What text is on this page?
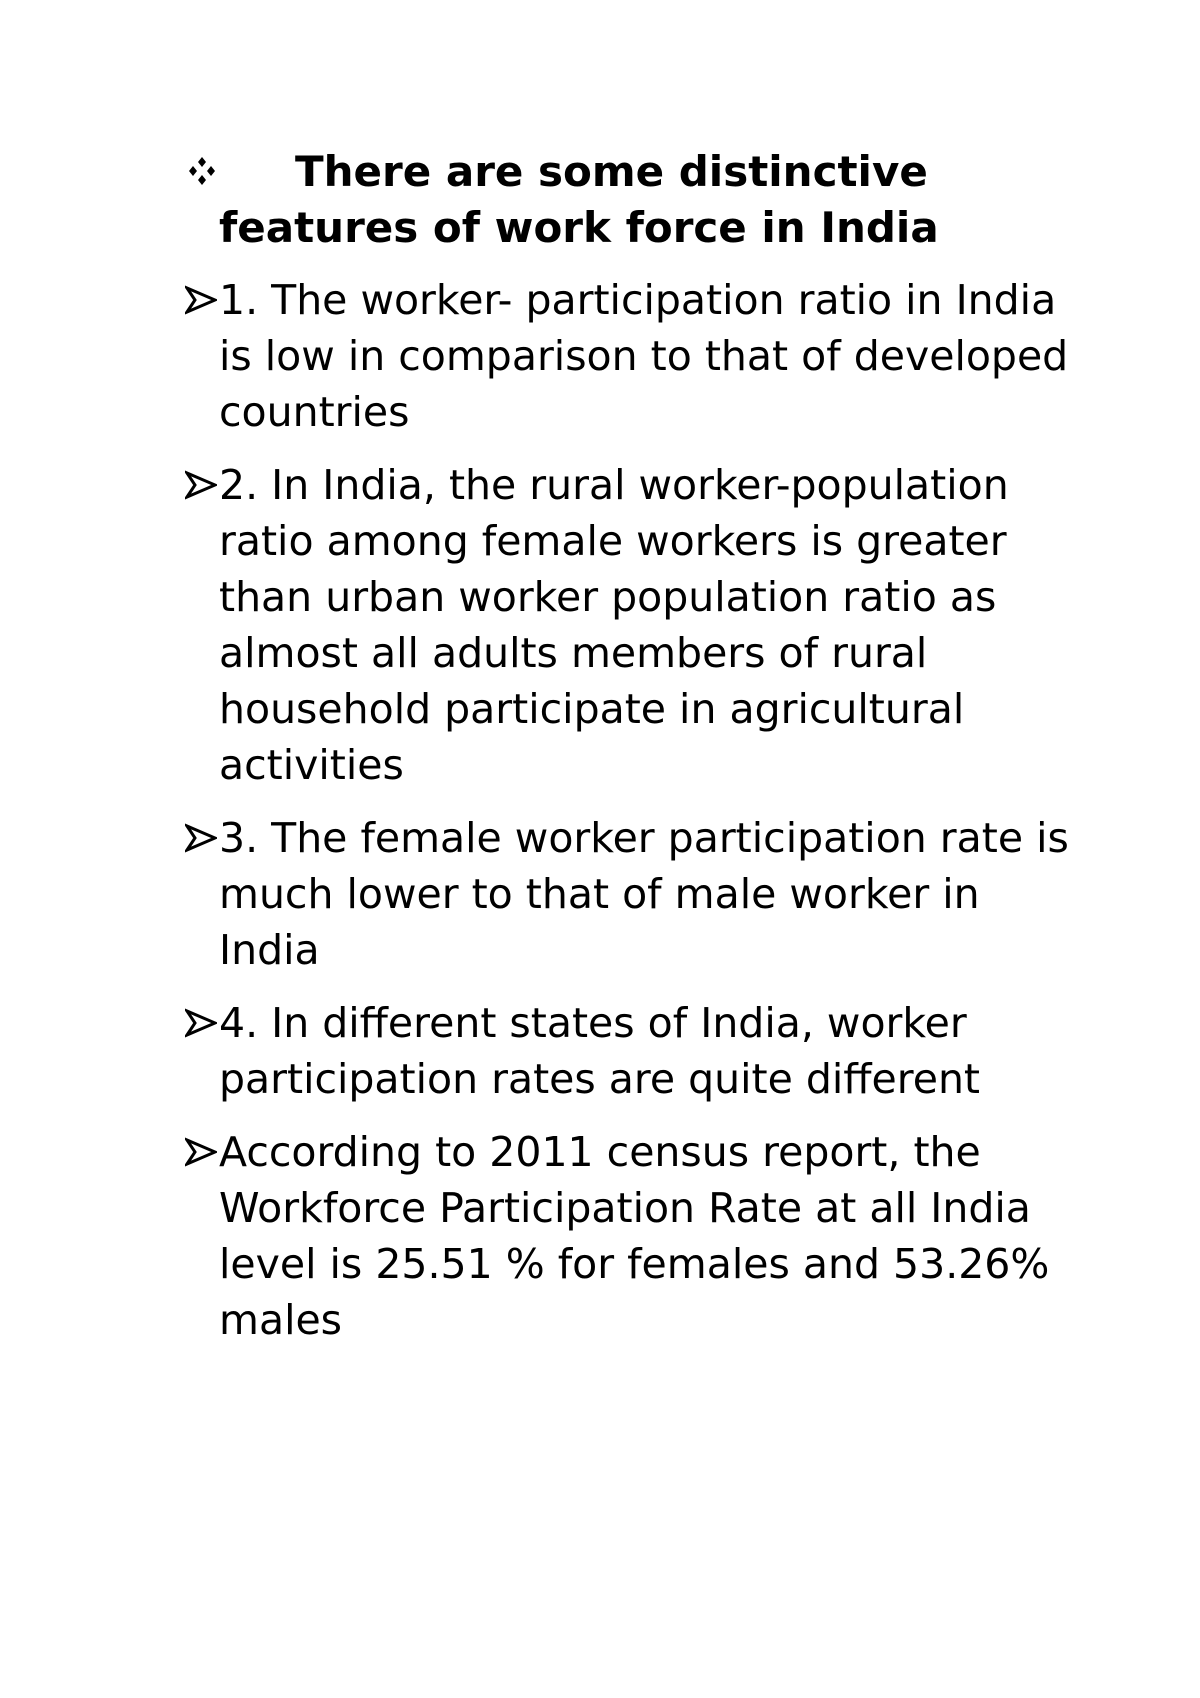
There are some distinctive features of work force in India
1. The worker- participation ratio in India is low in comparison to that of developed countries
2. In India, the rural worker-population ratio among female workers is greater than urban worker population ratio as almost all adults members of rural household participate in agricultural activities
3. The female worker participation rate is much lower to that of male worker in India
4. In different states of India, worker participation rates are quite different
According to 2011 census report, the Workforce Participation Rate at all India level is 25.51 % for females and 53.26% males
